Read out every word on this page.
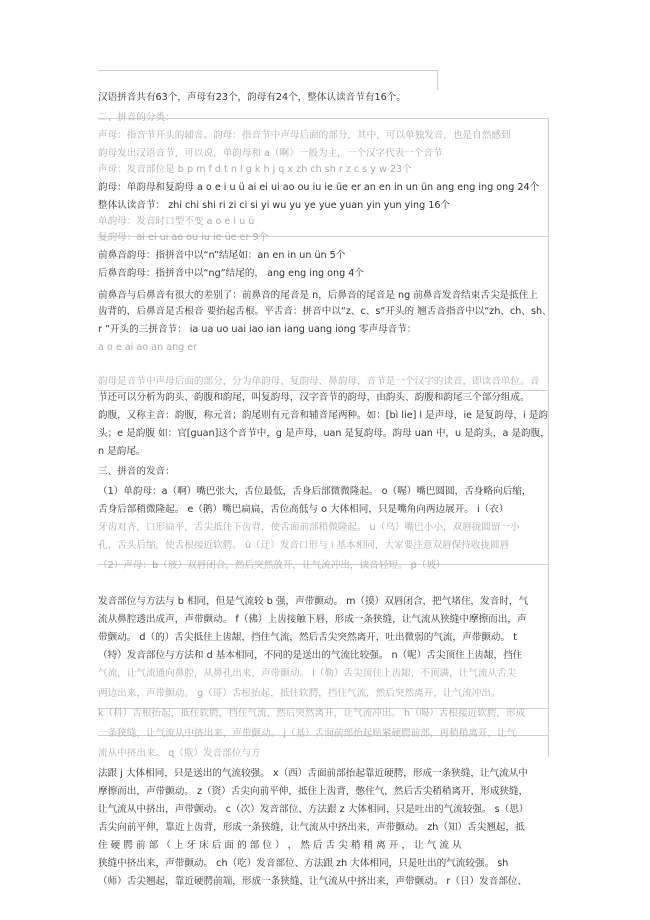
汉语拼音共有63个，声母有23个，韵母有24个，整体认读音节有16个。
二、拼音的分类：
声母：指音节开头的辅音。韵母：指音节中声母后面的部分，其中，可以单独发音，也是自然感到
韵母发出汉语音节，可以说，单韵母和 a（啊）一般为主，一个汉字代表一个音节
声母：发音部位是 b p m f d t n l g k h j q x zh ch sh r z c s y w 23个
韵母：单韵母和复韵母 a o e i u ü ai ei ui ao ou iu ie üe er an en in un ün ang eng ing ong 24个
整体认读音节： zhi chi shi ri zi ci si yi wu yu ye yue yuan yin yun ying 16个
单韵母：发音时口型不变 a o e i u ü
复韵母：ai ei ui ao ou iu ie üe er 9个
前鼻音韵母：指拼音中以“n”结尾如：an en in un ün 5个
后鼻音韵母：指拼音中以“ng”结尾的， ang eng ing ong 4个
前鼻音与后鼻音有很大的差别了：前鼻音的尾音是 n，后鼻音的尾音是 ng 前鼻音发音结束舌尖是抵住上
齿背的，后鼻音是舌根音 要抬起舌根。平舌音：拼音中以“z、c、s”开头的 翘舌音指音中以“zh、ch、sh、
r ”开头的三拼音节： ia ua uo uai iao ian iang uang iong 零声母音节：
a o e ai ao an ang er
韵母是音节中声母后面的部分，分为单韵母、复韵母、鼻韵母，音节是一个汉字的读音，即读音单位。音
节还可以分析为韵头、韵腹和韵尾，叫复韵母，汉字音节的韵母，由韵头、韵腹和韵尾三个部分组成。
韵腹，又称主音：韵腹，称元音；韵尾则有元音和辅音尾两种。如：[bì lie] l 是声母，ie 是复韵母，i 是韵
头；e 是韵腹 如：官[guan]这个音节中，g 是声母，uan 是复韵母。韵母 uan 中，u 是韵头，a 是韵腹，
n 是韵尾。
三、拼音的发音：
（1）单韵母：a（啊）嘴巴张大，舌位最低，舌身后部微微隆起。 o（喔）嘴巴圆圆，舌身略向后缩，
舌身后部稍微隆起。 e（鹅）嘴巴扁扁，舌位高低与 o 大体相同，只是嘴角向两边展开。 i（衣）
牙齿对齐，口形扁平，舌尖抵住下齿背，使舌面前部稍微隆起。 u（乌）嘴巴小小，双唇拢圆留一小
孔，舌头后缩，使舌根接近软腭。 ü（迂）发音口形与 i 基本相同，大家要注意双唇保持收拢圆唇
（2）声母：b（玻）双唇闭合，然后突然放开，让气流冲出，读音轻短。 p（坡）
发音部位与方法与 b 相同，但是气流较 b 强，声带颤动。 m（摸）双唇闭合，把气堵住，发音时，气
流从鼻腔透出成声，声带颤动。 f（佛）上齿接触下唇，形成一条狭缝，让气流从狭缝中摩擦而出，声
带颤动。 d（的）舌尖抵住上齿龈，挡住气流，然后舌尖突然离开，吐出微弱的气流，声带颤动。 t
（特）发音部位与方法和 d 基本相同，不同的是送出的气流比较强。 n（呢）舌尖顶住上齿龈，挡住
气流，让气流通向鼻腔，从鼻孔出来，声带颤动。 l（勒）舌尖顶住上齿龈，不顶满，让气流从舌尖
两边出来，声带颤动。 g（哥）舌根抬起，抵住软腭，挡住气流，然后突然离开，让气流冲出。
k（科）舌根抬起，抵住软腭，挡住气流，然后突然离开，让气流冲出。 h（喝）舌根接近软腭，形成
一条狭缝，让气流从中挤出来，声带颤动。 j（基）舌面前部抬起贴紧硬腭前部，再稍稍离开，让气
流从中挤出来。 q（欺）发音部位与方
法跟 j 大体相同，只是送出的气流较强。 x（西）舌面前部抬起靠近硬腭，形成一条狭缝，让气流从中
摩擦而出，声带颤动。 z（资）舌尖向前平伸，抵住上齿背，憋住气，然后舌尖稍稍离开，形成狭缝，
让气流从中挤出，声带颤动。 c（次）发音部位、方法跟 z 大体相同，只是吐出的气流较强。 s（思）
舌尖向前平伸，靠近上齿背，形成一条狭缝，让气流从中挤出来，声带颤动。 zh（知）舌尖翘起，抵
住 硬 腭 前 部 （ 上 牙 床 后 面 的 部 位 ） ， 然 后 舌 尖 稍 稍 离 开 ， 让 气 流 从
狭缝中挤出来，声带颤动。 ch（吃）发音部位、方法跟 zh 大体相同，只是吐出的气流较强。 sh
（师）舌尖翘起，靠近硬腭前端，形成一条狭缝，让气流从中挤出来，声带颤动。 r（日）发音部位、
